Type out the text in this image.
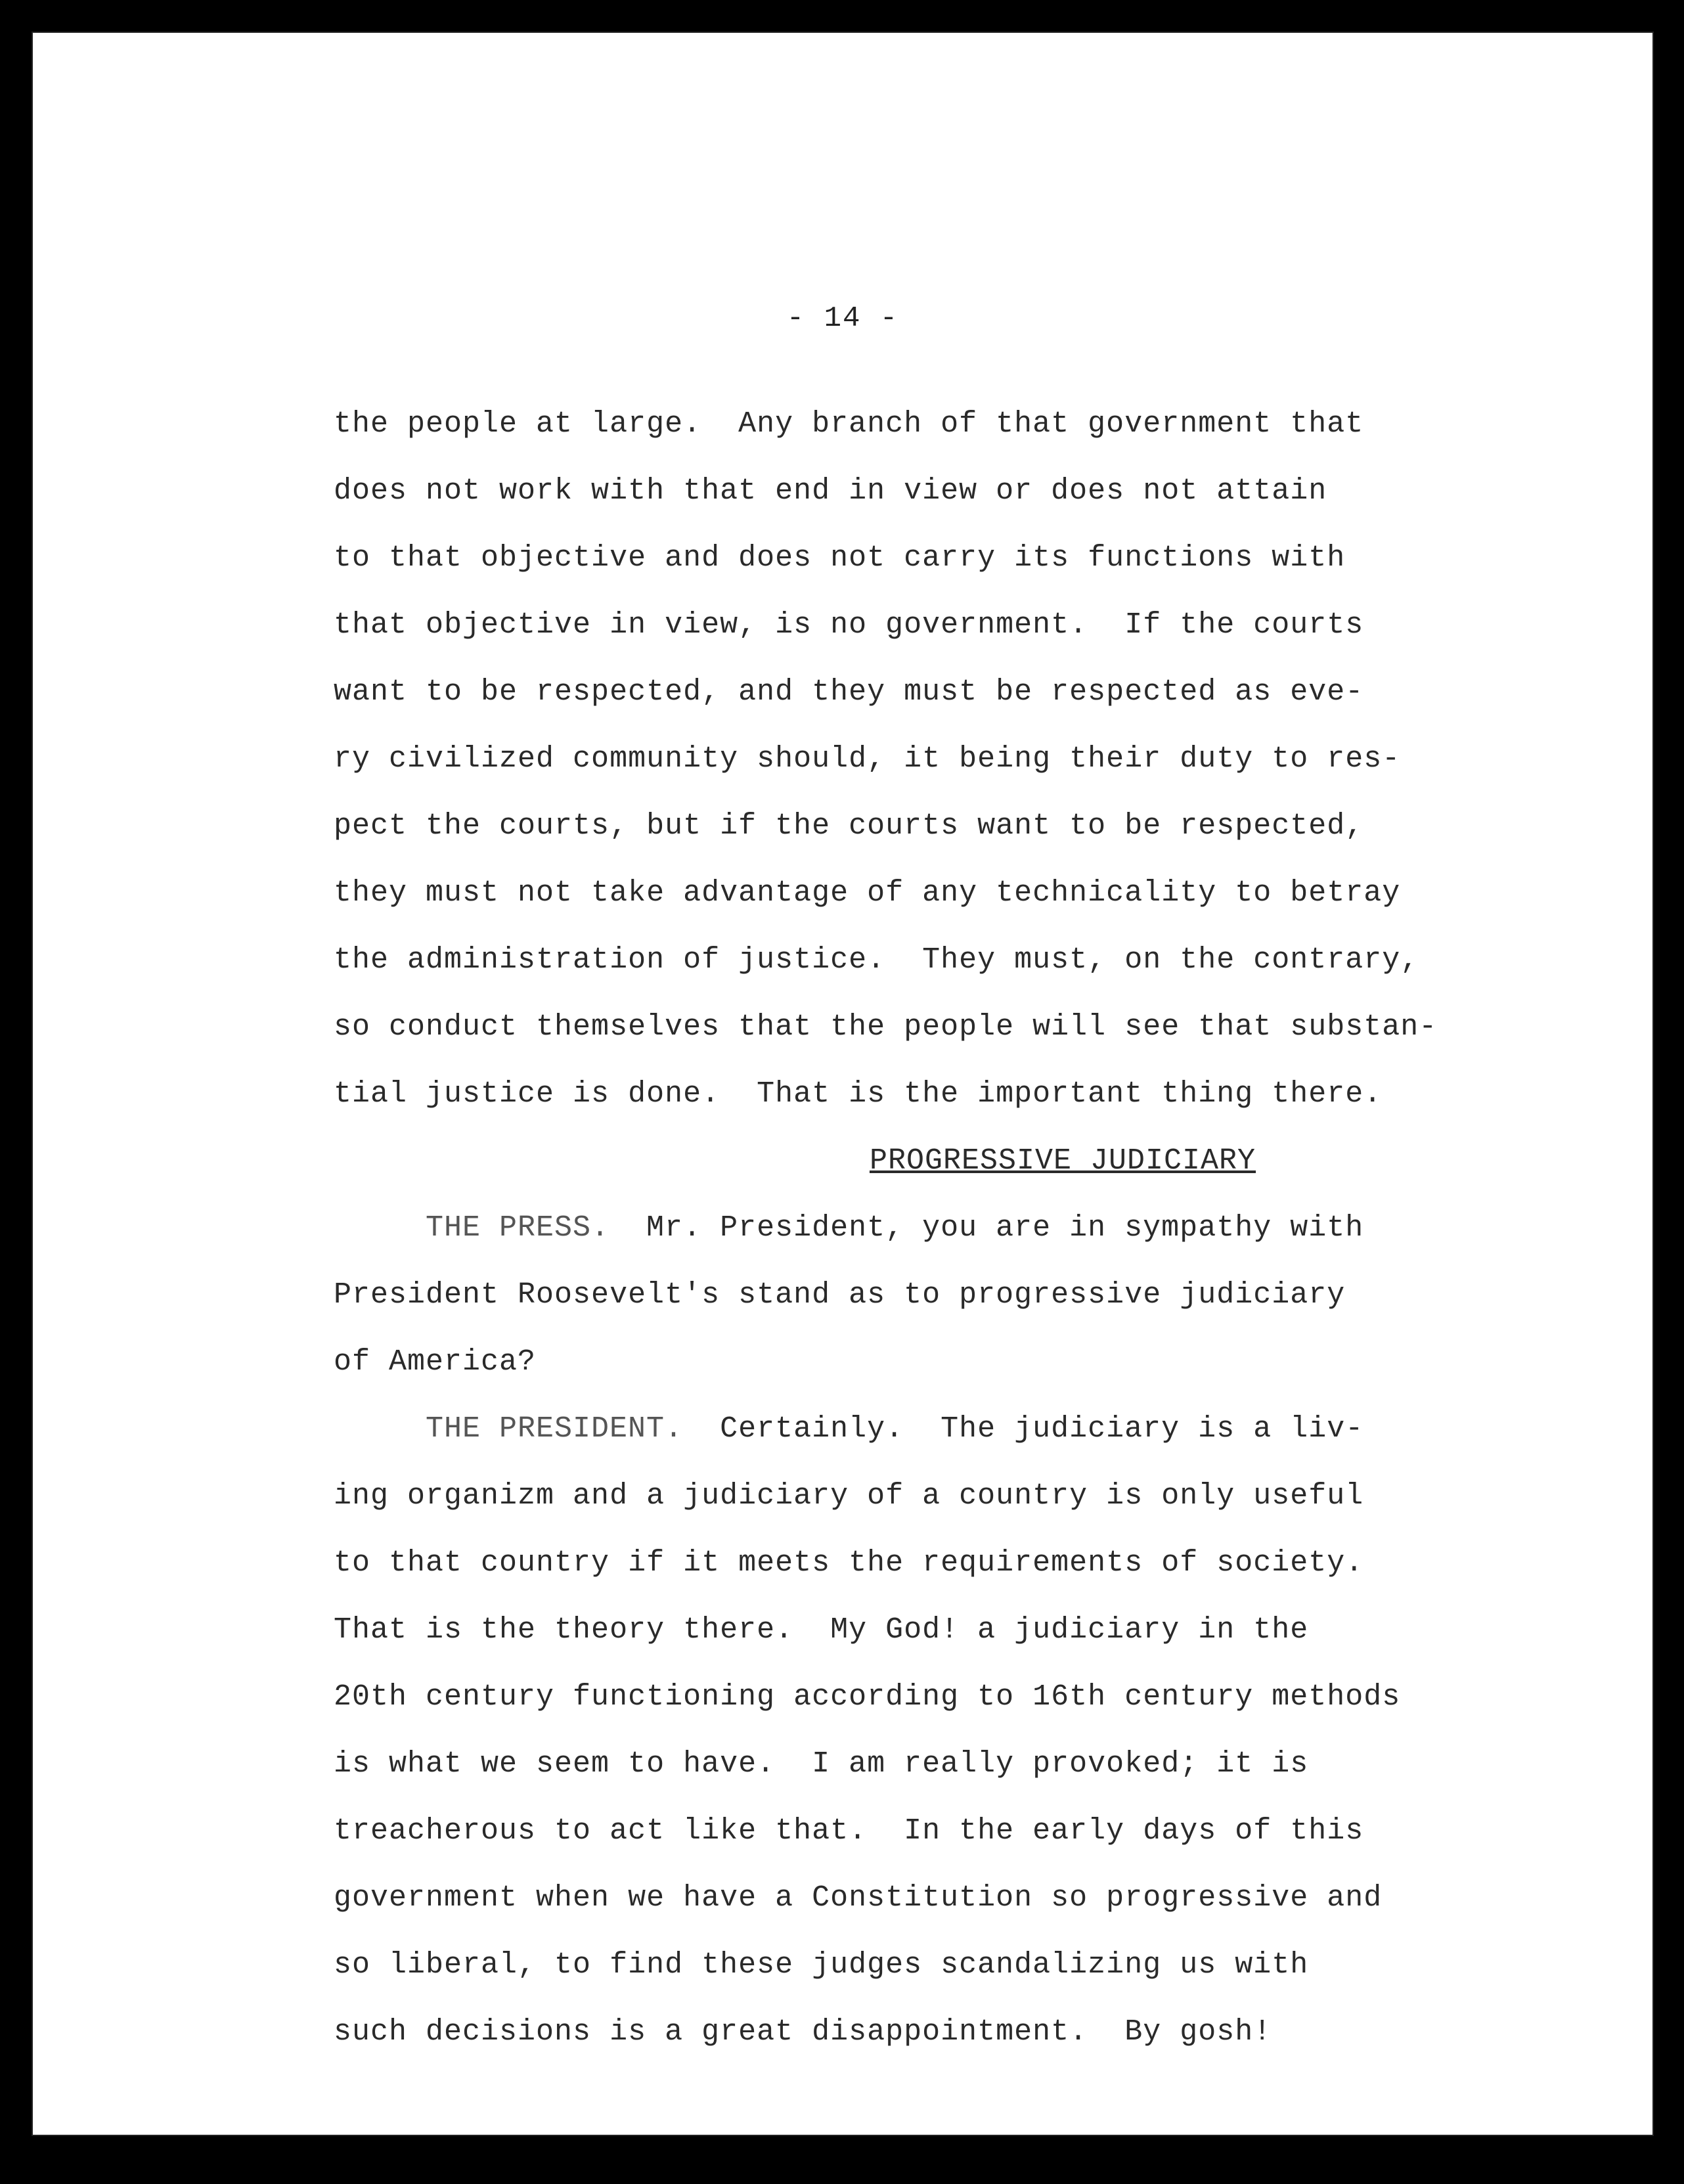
- 14 -
the people at large.  Any branch of that government that
does not work with that end in view or does not attain
to that objective and does not carry its functions with
that objective in view, is no government.  If the courts
want to be respected, and they must be respected as eve-
ry civilized community should, it being their duty to res-
pect the courts, but if the courts want to be respected,
they must not take advantage of any technicality to betray
the administration of justice.  They must, on the contrary,
so conduct themselves that the people will see that substan-
tial justice is done.  That is the important thing there.
PROGRESSIVE JUDICIARY
THE PRESS.  Mr. President, you are in sympathy with
President Roosevelt's stand as to progressive judiciary
of America?
THE PRESIDENT.  Certainly.  The judiciary is a liv-
ing organizm and a judiciary of a country is only useful
to that country if it meets the requirements of society.
That is the theory there.  My God! a judiciary in the
20th century functioning according to 16th century methods
is what we seem to have.  I am really provoked; it is
treacherous to act like that.  In the early days of this
government when we have a Constitution so progressive and
so liberal, to find these judges scandalizing us with
such decisions is a great disappointment.  By gosh!
